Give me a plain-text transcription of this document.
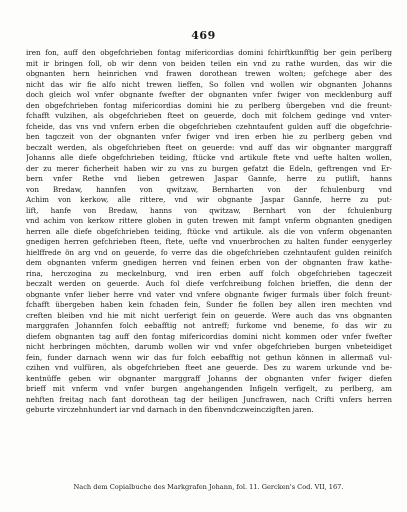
469
iren fon, auff den obgefchrieben fontag mifericordias domini fchirftkunfftig ber gein perlberg
mit ir bringen foll, ob wir denn von beiden teilen ein vnd zu rathe wurden, das wir die
obgnanten hern heinrichen vnd frawen dorothean trewen wolten; gefchege aber des
nicht das wir fie alfo nicht trewen lieffen, So follen vnd wollen wir obgnanten Johanns
doch gleich wol vnfer obgnante fwefter der obgnanten vnfer fwiger von mecklenburg auff
den obgefchrieben fontag mifericordias domini hie zu perlberg übergeben vnd die freunt-
fchafft vulzihen, als obgefchrieben fteet on geuerde, doch mit folchem gedinge vnd vnter-
fcheide, das vns vnd vnfern erben die obgefchrieben czehntaufent gulden auff die obgefchrie-
ben tagczeit von der obgnanten vnfer fwiger vnd iren erben hie zu perlberg geben vnd
beczalt werden, als obgefchrieben fteet on geuerde: vnd auff das wir obgnanter marggraff
Johanns alle diefe obgefchrieben teiding, ftücke vnd artikule ftete vnd uefte halten wollen,
der zu merer ficherheit haben wir zu vns zu burgen gefatzt die Edeln, geftrengen vnd Er-
bern vnfer Rethe vnd lieben getrewen Jaspar Gannfe, herre zu putlift, hanns
von Bredaw, hannfen von qwitzaw, Bernharten von der fchulenburg vnd
Achim von kerkow, alle rittere, vnd wir obgnante Jaspar Gannfe, herre zu put-
lift, hanfe von Bredaw, hanns von qwitzaw, Bernhart von der fchulenburg
vnd achim von kerkow rittere globen in guten trewen mit fampt vnferm obgnanten gnedigen
herren alle diefe obgefchrieben teiding, ftücke vnd artikule. als die von vnferm obgenanten
gnedigen herren gefchrieben fteen, ftete, uefte vnd vnuerbrochen zu halten funder eenygerley
hielffrede ön arg vnd on geuerde, fo verre das die obgefchrieben czehntaufent gulden reinifch
dem obgnanten vnferm gnedigen herren vnd feinen erben von der obgnanten fraw kathe-
rina, herczogina zu meckelnburg, vnd iren erben auff folch obgefchrieben tageczeit
beczalt werden on geuerde. Auch fol diefe verfchreibung folchen brieffen, die denn der
obgnante vnfer lieber herre vnd vater vnd vnfere obgnante fwiger furmals über folch freunt-
fchafft übergeben haben kein fchaden fein, Sunder fie follen bey allen iren mechten vnd
creften bleiben vnd hie mit nicht uerferigt fein on geuerde. Were auch das vns obgnanten
marggrafen Johannfen folch eebafftig not antreff; furkome vnd beneme, fo das wir zu
diefem obgnanten tag auff den fontag mifericordias domini nicht kommen oder vnfer fwefter
nicht herbringen möchten, darumb wollen wir vnd vnfer obgefchrieben burgen vnbeteidiget
fein, funder darnach wenn wir das fur folch eebafftig not gethun können in allermaß vul-
czihen vnd vulfüren, als obgefchrieben fteet ane geuerde. Des zu warem urkunde vnd be-
kentnüffe geben wir obgnanter marggraff Johanns der obgnanten vnfer fwiger diefen
brieff mit vnferm vnd vnfer burgen angehangenden Infigeln verfigelt, zu perlberg, am
nehften freitag nach fant dorothean tag der heiligen Juncfrawen, nach Crifti vnfers herren
geburte virczehnhundert iar vnd darnach in den fibenvndczweinczigften jaren.
Nach dem Copialbuche des Markgrafen Johann, fol. 11. Gercken's Cod. VII, 167.
